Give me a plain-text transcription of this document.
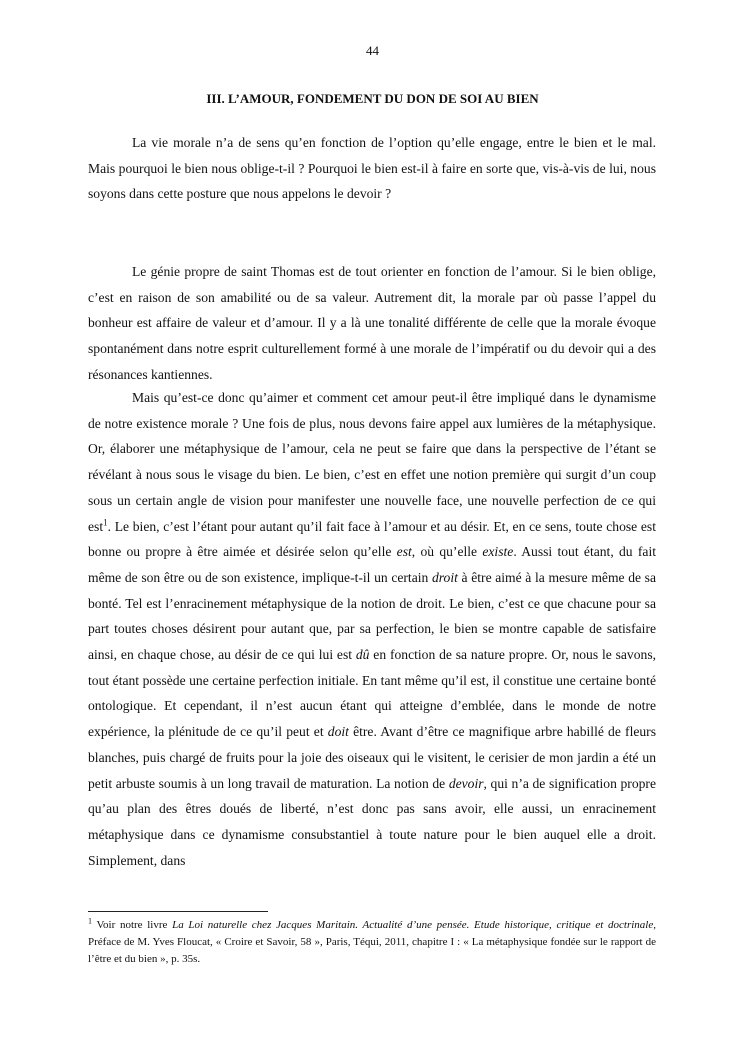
44
III. L’AMOUR, FONDEMENT DU DON DE SOI AU BIEN

La vie morale n’a de sens qu’en fonction de l’option qu’elle engage, entre le bien et le mal. Mais pourquoi le bien nous oblige-t-il ? Pourquoi le bien est-il à faire en sorte que, vis-à-vis de lui, nous soyons dans cette posture que nous appelons le devoir ?

Le génie propre de saint Thomas est de tout orienter en fonction de l’amour. Si le bien oblige, c’est en raison de son amabilité ou de sa valeur. Autrement dit, la morale par où passe l’appel du bonheur est affaire de valeur et d’amour. Il y a là une tonalité différente de celle que la morale évoque spontanément dans notre esprit culturellement formé à une morale de l’impératif ou du devoir qui a des résonances kantiennes.

Mais qu’est-ce donc qu’aimer et comment cet amour peut-il être impliqué dans le dynamisme de notre existence morale ? Une fois de plus, nous devons faire appel aux lumières de la métaphysique. Or, élaborer une métaphysique de l’amour, cela ne peut se faire que dans la perspective de l’étant se révélant à nous sous le visage du bien. Le bien, c’est en effet une notion première qui surgit d’un coup sous un certain angle de vision pour manifester une nouvelle face, une nouvelle perfection de ce qui est$^1$. Le bien, c’est l’étant pour autant qu’il fait face à l’amour et au désir. Et, en ce sens, toute chose est bonne ou propre à être aimée et désirée selon qu’elle est, où qu’elle existe. Aussi tout étant, du fait même de son être ou de son existence, implique-t-il un certain droit à être aimé à la mesure même de sa bonté. Tel est l’enracinement métaphysique de la notion de droit. Le bien, c’est ce que chacune pour sa part toutes choses désirent pour autant que, par sa perfection, le bien se montre capable de satisfaire ainsi, en chaque chose, au désir de ce qui lui est dû en fonction de sa nature propre. Or, nous le savons, tout étant possède une certaine perfection initiale. En tant même qu’il est, il constitue une certaine bonté ontologique. Et cependant, il n’est aucun étant qui atteigne d’emblée, dans le monde de notre expérience, la plénitude de ce qu’il peut et doit être. Avant d’être ce magnifique arbre habillé de fleurs blanches, puis chargé de fruits pour la joie des oiseaux qui le visitent, le cerisier de mon jardin a été un petit arbuste soumis à un long travail de maturation. La notion de devoir, qui n’a de signification propre qu’au plan des êtres doués de liberté, n’est donc pas sans avoir, elle aussi, un enracinement métaphysique dans ce dynamisme consubstantiel à toute nature pour le bien auquel elle a droit. Simplement, dans

$^1$ Voir notre livre La Loi naturelle chez Jacques Maritain. Actualité d’une pensée. Etude historique, critique et doctrinale, Préface de M. Yves Floucat, « Croire et Savoir, 58 », Paris, Téqui, 2011, chapitre I : « La métaphysique fondée sur le rapport de l’être et du bien », p. 35s.
